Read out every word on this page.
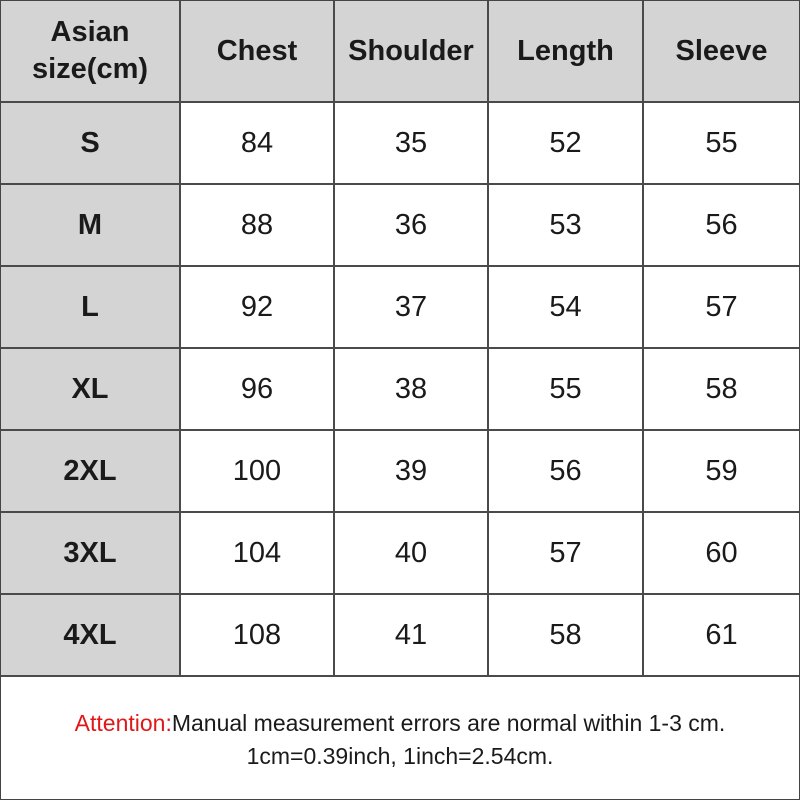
Asian
size(cm)	Chest	Shoulder	Length	Sleeve
S	84	35	52	55
M	88	36	53	56
L	92	37	54	57
XL	96	38	55	58
2XL	100	39	56	59
3XL	104	40	57	60
4XL	108	41	58	61
Attention:Manual measurement errors are normal within 1-3 cm.
1cm=0.39inch, 1inch=2.54cm.
